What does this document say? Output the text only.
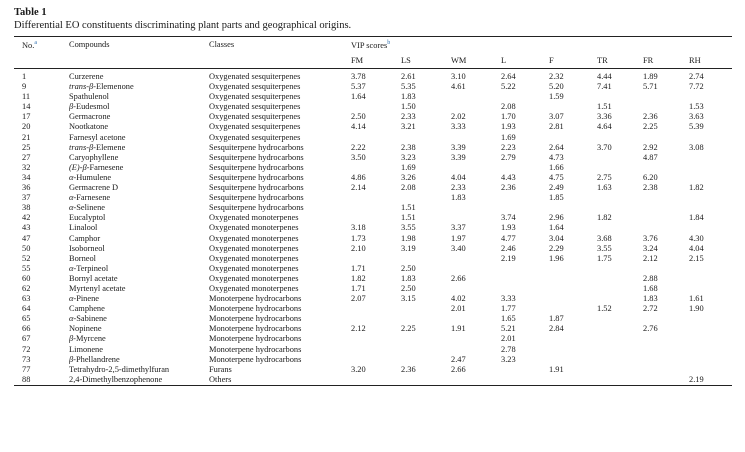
Table 1
Differential EO constituents discriminating plant parts and geographical origins.
No.$^a$	Compounds	Classes	VIP scores$^b$
			FM	LS	WM	L	F	TR	FR	RH
1	Curzerene	Oxygenated sesquiterpenes	3.78	2.61	3.10	2.64	2.32	4.44	1.89	2.74
9	trans-β-Elemenone	Oxygenated sesquiterpenes	5.37	5.35	4.61	5.22	5.20	7.41	5.71	7.72
11	Spathulenol	Oxygenated sesquiterpenes	1.64	1.83			1.59			
14	β-Eudesmol	Oxygenated sesquiterpenes		1.50		2.08		1.51		1.53
17	Germacrone	Oxygenated sesquiterpenes	2.50	2.33	2.02	1.70	3.07	3.36	2.36	3.63
20	Nootkatone	Oxygenated sesquiterpenes	4.14	3.21	3.33	1.93	2.81	4.64	2.25	5.39
21	Farnesyl acetone	Oxygenated sesquiterpenes				1.69				
25	trans-β-Elemene	Sesquiterpene hydrocarbons	2.22	2.38	3.39	2.23	2.64	3.70	2.92	3.08
27	Caryophyllene	Sesquiterpene hydrocarbons	3.50	3.23	3.39	2.79	4.73		4.87	
32	(E)-β-Farnesene	Sesquiterpene hydrocarbons		1.69			1.66			
34	α-Humulene	Sesquiterpene hydrocarbons	4.86	3.26	4.04	4.43	4.75	2.75	6.20	
36	Germacrene D	Sesquiterpene hydrocarbons	2.14	2.08	2.33	2.36	2.49	1.63	2.38	1.82
37	α-Farnesene	Sesquiterpene hydrocarbons			1.83		1.85			
38	α-Selinene	Sesquiterpene hydrocarbons		1.51						
42	Eucalyptol	Oxygenated monoterpenes		1.51		3.74	2.96	1.82		1.84
43	Linalool	Oxygenated monoterpenes	3.18	3.55	3.37	1.93	1.64			
47	Camphor	Oxygenated monoterpenes	1.73	1.98	1.97	4.77	3.04	3.68	3.76	4.30
50	Isoborneol	Oxygenated monoterpenes	2.10	3.19	3.40	2.46	2.29	3.55	3.24	4.04
52	Borneol	Oxygenated monoterpenes				2.19	1.96	1.75	2.12	2.15
55	α-Terpineol	Oxygenated monoterpenes	1.71	2.50						
60	Bornyl acetate	Oxygenated monoterpenes	1.82	1.83	2.66				2.88	
62	Myrtenyl acetate	Oxygenated monoterpenes	1.71	2.50					1.68	
63	α-Pinene	Monoterpene hydrocarbons	2.07	3.15	4.02	3.33			1.83	1.61
64	Camphene	Monoterpene hydrocarbons			2.01	1.77		1.52	2.72	1.90
65	α-Sabinene	Monoterpene hydrocarbons				1.65	1.87			
66	Nopinene	Monoterpene hydrocarbons	2.12	2.25	1.91	5.21	2.84		2.76	
67	β-Myrcene	Monoterpene hydrocarbons				2.01				
72	Limonene	Monoterpene hydrocarbons				2.78				
73	β-Phellandrene	Monoterpene hydrocarbons			2.47	3.23				
77	Tetrahydro-2,5-dimethylfuran	Furans	3.20	2.36	2.66		1.91			
88	2,4-Dimethylbenzophenone	Others								2.19
